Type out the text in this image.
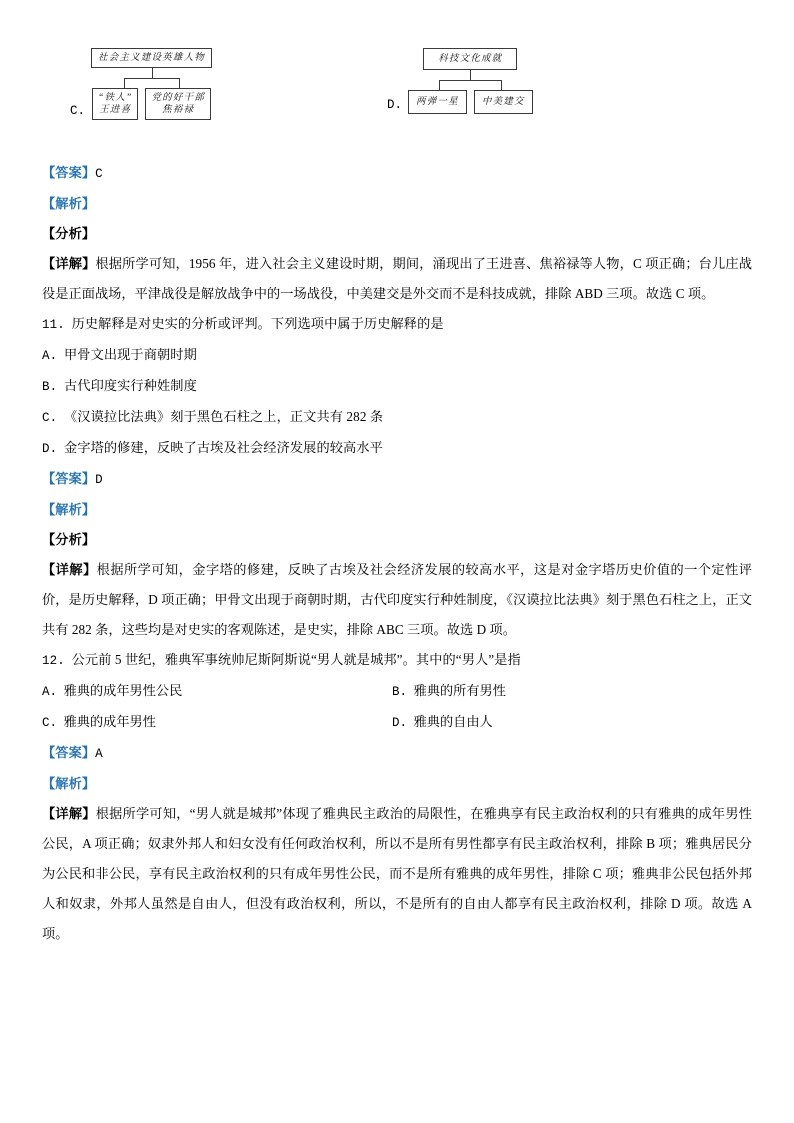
C.
社会主义建设英雄人物
“铁人”
王进喜
党的好干部
焦裕禄	D.
科技文化成就
两弹一星	中美建交
【答案】C
【解析】
【分析】

【详解】根据所学可知，1956 年，进入社会主义建设时期，期间，涌现出了王进喜、焦裕禄等人物，C 项正确；台儿庄战役是正面战场，平津战役是解放战争中的一场战役，中美建交是外交而不是科技成就，排除 ABD 三项。故选 C 项。

11. 历史解释是对史实的分析或评判。下列选项中属于历史解释的是
A. 甲骨文出现于商朝时期
B. 古代印度实行种姓制度
C. 《汉谟拉比法典》刻于黑色石柱之上，正文共有 282 条
D. 金字塔的修建，反映了古埃及社会经济发展的较高水平
【答案】D
【解析】
【分析】

【详解】根据所学可知，金字塔的修建，反映了古埃及社会经济发展的较高水平，这是对金字塔历史价值的一个定性评价，是历史解释，D 项正确；甲骨文出现于商朝时期，古代印度实行种姓制度，《汉谟拉比法典》刻于黑色石柱之上，正文共有 282 条，这些均是对史实的客观陈述，是史实，排除 ABC 三项。故选 D 项。

12. 公元前 5 世纪，雅典军事统帅尼斯阿斯说“男人就是城邦”。其中的“男人”是指
A. 雅典的成年男性公民	B. 雅典的所有男性
C. 雅典的成年男性	D. 雅典的自由人
【答案】A
【解析】

【详解】根据所学可知，“男人就是城邦”体现了雅典民主政治的局限性，在雅典享有民主政治权利的只有雅典的成年男性公民，A 项正确；奴隶外邦人和妇女没有任何政治权利，所以不是所有男性都享有民主政治权利，排除 B 项；雅典居民分为公民和非公民，享有民主政治权利的只有成年男性公民，而不是所有雅典的成年男性，排除 C 项；雅典非公民包括外邦人和奴隶，外邦人虽然是自由人，但没有政治权利，所以，不是所有的自由人都享有民主政治权利，排除 D 项。故选 A 项。
